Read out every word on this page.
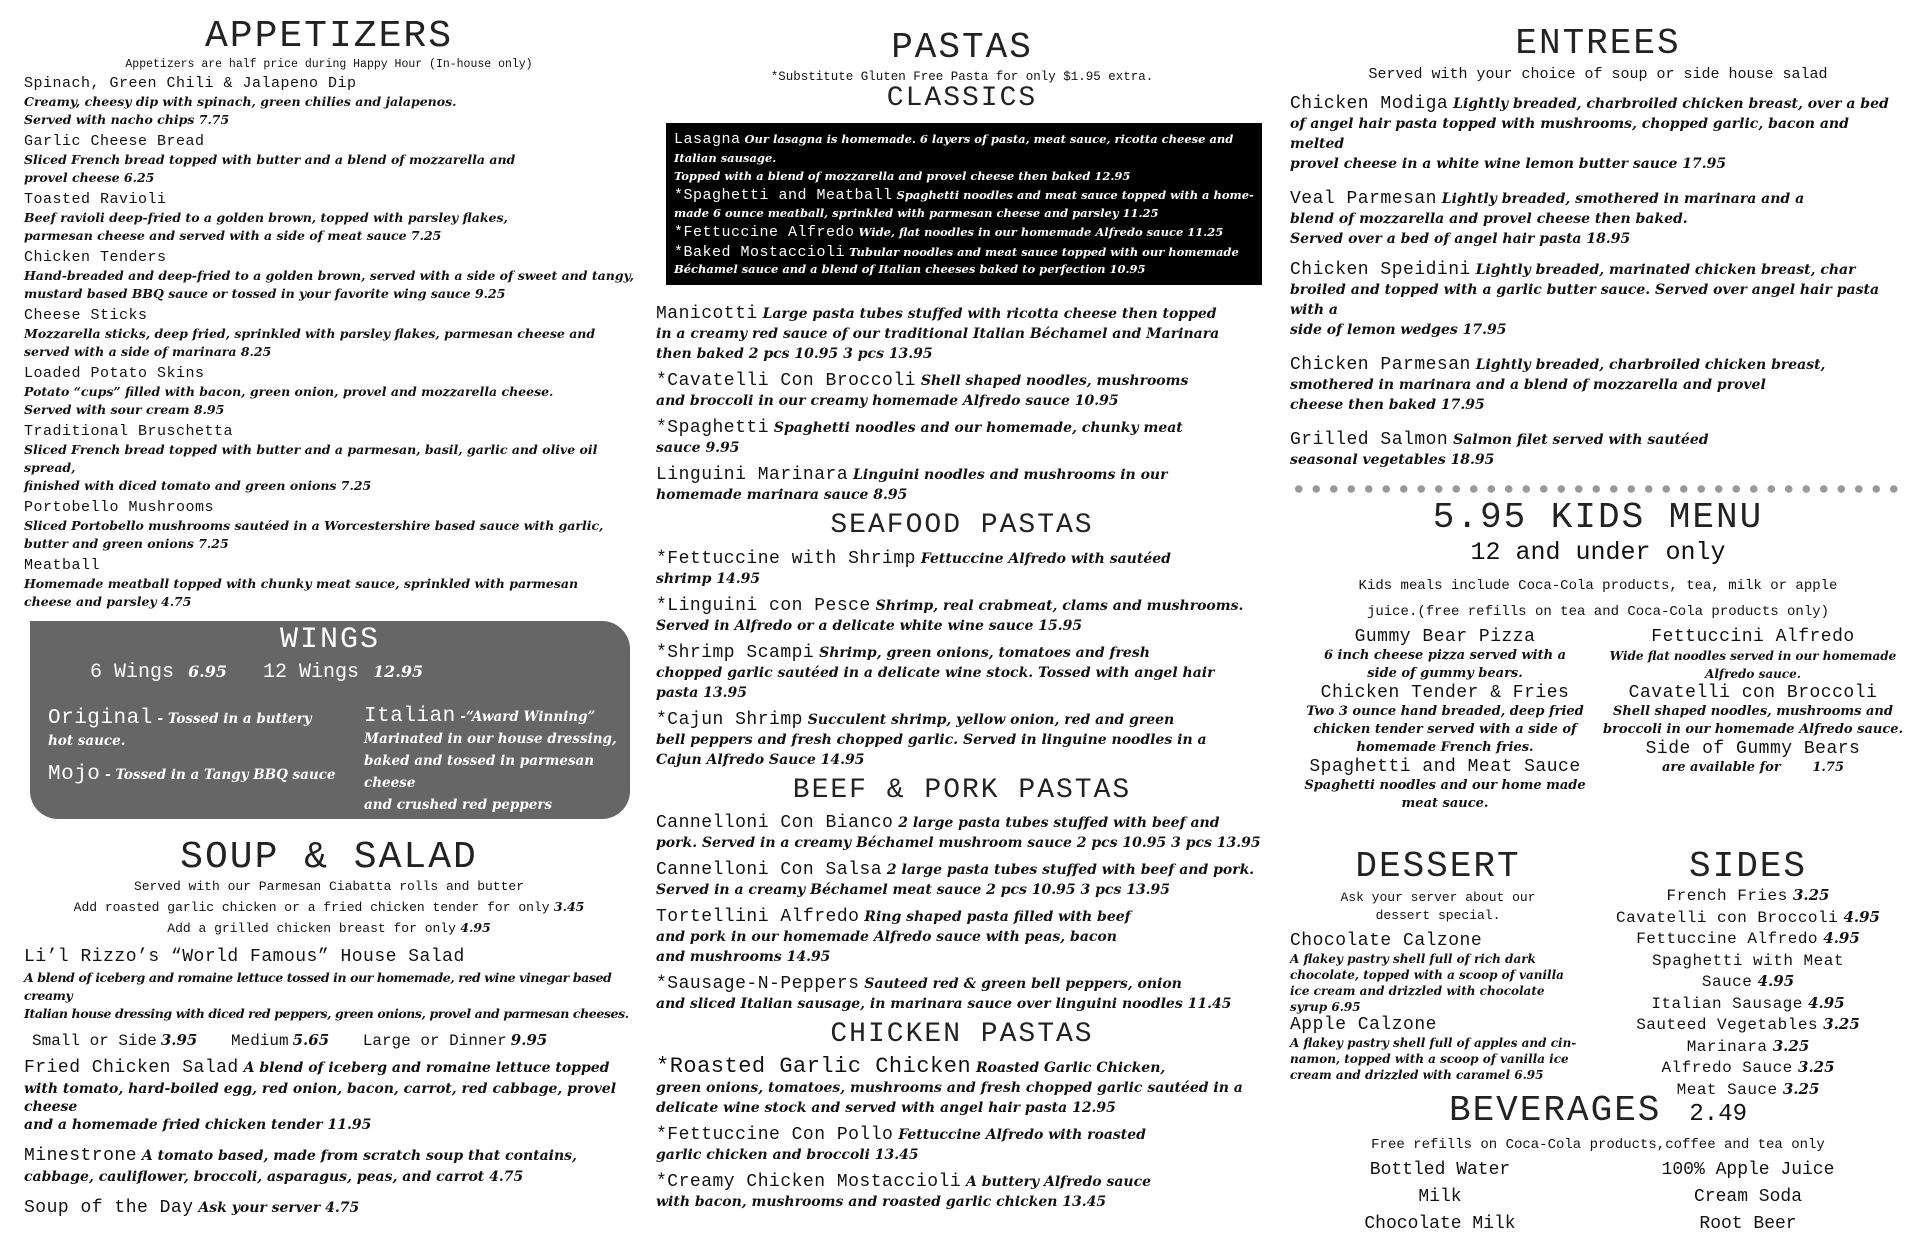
APPETIZERS

Appetizers are half price during Happy Hour (In-house only)

Spinach, Green Chili & Jalapeno Dip
Creamy, cheesy dip with spinach, green chilies and jalapenos.
Served with nacho chips 7.75
Garlic Cheese Bread
Sliced French bread topped with butter and a blend of mozzarella and
provel cheese 6.25
Toasted Ravioli
Beef ravioli deep-fried to a golden brown, topped with parsley flakes,
parmesan cheese and served with a side of meat sauce 7.25
Chicken Tenders
Hand-breaded and deep-fried to a golden brown, served with a side of sweet and tangy,
mustard based BBQ sauce or tossed in your favorite wing sauce 9.25
Cheese Sticks
Mozzarella sticks, deep fried, sprinkled with parsley flakes, parmesan cheese and
served with a side of marinara 8.25
Loaded Potato Skins
Potato “cups” filled with bacon, green onion, provel and mozzarella cheese.
Served with sour cream 8.95
Traditional Bruschetta
Sliced French bread topped with butter and a parmesan, basil, garlic and olive oil spread,
finished with diced tomato and green onions 7.25
Portobello Mushrooms
Sliced Portobello mushrooms sautéed in a Worcestershire based sauce with garlic,
butter and green onions 7.25
Meatball
Homemade meatball topped with chunky meat sauce, sprinkled with parmesan
cheese and parsley 4.75
WINGS
6 Wings 6.95 12 Wings 12.95
Original - Tossed in a buttery
hot sauce.
Mojo - Tossed in a Tangy BBQ sauce
Italian -“Award Winning”
Marinated in our house dressing,
baked and tossed in parmesan cheese
and crushed red peppers
SOUP & SALAD

Served with our Parmesan Ciabatta rolls and butter

Add roasted garlic chicken or a fried chicken tender for only 3.45

Add a grilled chicken breast for only 4.95

Li’l Rizzo’s “World Famous” House Salad
A blend of iceberg and romaine lettuce tossed in our homemade, red wine vinegar based creamy
Italian house dressing with diced red peppers, green onions, provel and parmesan cheeses.
Small or Side 3.95 Medium 5.65 Large or Dinner 9.95
Fried Chicken Salad A blend of iceberg and romaine lettuce topped
with tomato, hard-boiled egg, red onion, bacon, carrot, red cabbage, provel cheese
and a homemade fried chicken tender 11.95
Minestrone A tomato based, made from scratch soup that contains,
cabbage, cauliflower, broccoli, asparagus, peas, and carrot 4.75
Soup of the Day Ask your server 4.75
PASTAS

*Substitute Gluten Free Pasta for only $1.95 extra.

CLASSICS

Lasagna Our lasagna is homemade. 6 layers of pasta, meat sauce, ricotta cheese and Italian sausage.

Topped with a blend of mozzarella and provel cheese then baked 12.95

*Spaghetti and Meatball Spaghetti noodles and meat sauce topped with a home-

made 6 ounce meatball, sprinkled with parmesan cheese and parsley 11.25

*Fettuccine Alfredo Wide, flat noodles in our homemade Alfredo sauce 11.25

*Baked Mostaccioli Tubular noodles and meat sauce topped with our homemade

Béchamel sauce and a blend of Italian cheeses baked to perfection 10.95

Manicotti Large pasta tubes stuffed with ricotta cheese then topped

in a creamy red sauce of our traditional Italian Béchamel and Marinara

then baked 2 pcs 10.95 3 pcs 13.95

*Cavatelli Con Broccoli Shell shaped noodles, mushrooms

and broccoli in our creamy homemade Alfredo sauce 10.95

*Spaghetti Spaghetti noodles and our homemade, chunky meat

sauce 9.95

Linguini Marinara Linguini noodles and mushrooms in our

homemade marinara sauce 8.95

SEAFOOD PASTAS

*Fettuccine with Shrimp Fettuccine Alfredo with sautéed

shrimp 14.95

*Linguini con Pesce Shrimp, real crabmeat, clams and mushrooms.

Served in Alfredo or a delicate white wine sauce 15.95

*Shrimp Scampi Shrimp, green onions, tomatoes and fresh

chopped garlic sautéed in a delicate wine stock. Tossed with angel hair

pasta 13.95

*Cajun Shrimp Succulent shrimp, yellow onion, red and green

bell peppers and fresh chopped garlic. Served in linguine noodles in a

Cajun Alfredo Sauce 14.95

BEEF & PORK PASTAS

Cannelloni Con Bianco 2 large pasta tubes stuffed with beef and

pork. Served in a creamy Béchamel mushroom sauce 2 pcs 10.95 3 pcs 13.95

Cannelloni Con Salsa 2 large pasta tubes stuffed with beef and pork.

Served in a creamy Béchamel meat sauce 2 pcs 10.95 3 pcs 13.95

Tortellini Alfredo Ring shaped pasta filled with beef

and pork in our homemade Alfredo sauce with peas, bacon

and mushrooms 14.95

*Sausage-N-Peppers Sauteed red & green bell peppers, onion

and sliced Italian sausage, in marinara sauce over linguini noodles 11.45

CHICKEN PASTAS

*Roasted Garlic Chicken Roasted Garlic Chicken,

green onions, tomatoes, mushrooms and fresh chopped garlic sautéed in a

delicate wine stock and served with angel hair pasta 12.95

*Fettuccine Con Pollo Fettuccine Alfredo with roasted

garlic chicken and broccoli 13.45

*Creamy Chicken Mostaccioli A buttery Alfredo sauce

with bacon, mushrooms and roasted garlic chicken 13.45

ENTREES

Served with your choice of soup or side house salad

Chicken Modiga Lightly breaded, charbroiled chicken breast, over a bed

of angel hair pasta topped with mushrooms, chopped garlic, bacon and melted

provel cheese in a white wine lemon butter sauce 17.95

Veal Parmesan Lightly breaded, smothered in marinara and a

blend of mozzarella and provel cheese then baked.

Served over a bed of angel hair pasta 18.95

Chicken Speidini Lightly breaded, marinated chicken breast, char

broiled and topped with a garlic butter sauce. Served over angel hair pasta with a

side of lemon wedges 17.95

Chicken Parmesan Lightly breaded, charbroiled chicken breast,

smothered in marinara and a blend of mozzarella and provel

cheese then baked 17.95

Grilled Salmon Salmon filet served with sautéed

seasonal vegetables 18.95

5.95 KIDS MENU

12 and under only

Kids meals include Coca-Cola products, tea, milk or apple
juice.(free refills on tea and Coca-Cola products only)

Gummy Bear Pizza
6 inch cheese pizza served with a
side of gummy bears.
Chicken Tender & Fries
Two 3 ounce hand breaded, deep fried
chicken tender served with a side of
homemade French fries.
Spaghetti and Meat Sauce
Spaghetti noodles and our home made
meat sauce.
Fettuccini Alfredo
Wide flat noodles served in our homemade
Alfredo sauce.
Cavatelli con Broccoli
Shell shaped noodles, mushrooms and
broccoli in our homemade Alfredo sauce.
Side of Gummy Bears
are available for       1.75
DESSERT

Ask your server about our
dessert special.

Chocolate Calzone
A flakey pastry shell full of rich dark
chocolate, topped with a scoop of vanilla
ice cream and drizzled with chocolate
syrup 6.95
Apple Calzone
A flakey pastry shell full of apples and cin-
namon, topped with a scoop of vanilla ice
cream and drizzled with caramel 6.95
SIDES

French Fries 3.25

Cavatelli con Broccoli 4.95

Fettuccine Alfredo 4.95

Spaghetti with Meat

Sauce 4.95

Italian Sausage 4.95

Sauteed Vegetables 3.25

Marinara 3.25

Alfredo Sauce 3.25

Meat Sauce 3.25

BEVERAGES 2.49

Free refills on Coca-Cola products,coffee and tea only

Bottled Water

Milk

Chocolate Milk

100% Apple Juice

Cream Soda

Root Beer
